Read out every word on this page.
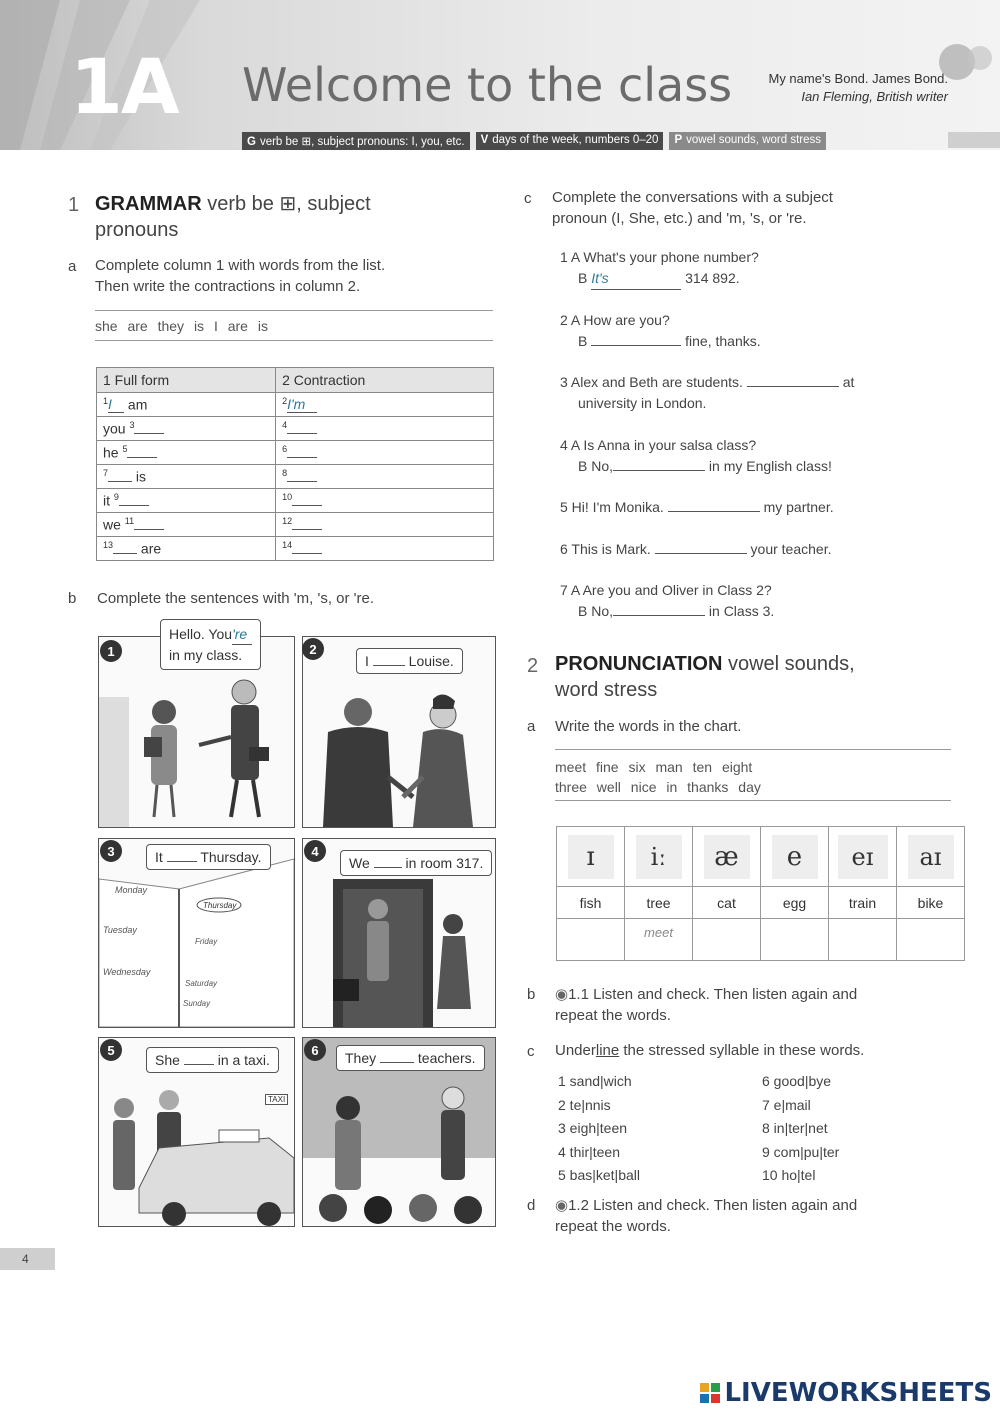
1A Welcome to the class	My name's Bond. James Bond.
Ian Fleming, British writer
G verb be ⊞, subject pronouns: I, you, etc.	V days of the week, numbers 0–20	P vowel sounds, word stress
1 GRAMMAR verb be ⊞, subject
pronouns
a Complete column 1 with words from the list.
Then write the contractions in column 2.
she are they is I are is
1 Full form	2 Contraction
$^1$I am	$^2$I'm
you $^3$	$^4$
he $^5$	$^6$
$^7$ is	$^8$
it $^9$	$^{10}$
we $^{11}$	$^{12}$
$^{13}$ are	$^{14}$
b Complete the sentences with 'm, 's, or 're.
1
Hello. You're
in my class.	2
I	Louise.
Monday
Tuesday
Wednesday
Thursday
Friday
Saturday
Sunday
3	It	Thursday.	4
We	in room 317.
TAXI
5
She	in a taxi.
6	They	teachers.
c Complete the conversations with a subject
pronoun (I, She, etc.) and 'm, 's, or 're.
1 A What's your phone number?
B It's	314 892.
2 A How are you?
B	fine, thanks.
3 Alex and Beth are students.	at
university in London.
4 A Is Anna in your salsa class?
B No,	in my English class!
5 Hi! I'm Monika.	my partner.
6 This is Mark.	your teacher.
7 A Are you and Oliver in Class 2?
B No,	in Class 3.
2 PRONUNCIATION vowel sounds,
word stress
a Write the words in the chart.
meet fine six man ten eight
three well nice in thanks day
ɪ	iː	æ	e	eɪ	aɪ

fish	tree	cat	egg	train	bike
	meet				
b ◉1.1 Listen and check. Then listen again and
repeat the words.
c Underline the stressed syllable in these words.
1 sand|wich
2 te|nnis
3 eigh|teen
4 thir|teen
5 bas|ket|ball
6 good|bye
7 e|mail
8 in|ter|net
9 com|pu|ter
10 ho|tel
d ◉1.2 Listen and check. Then listen again and
repeat the words.
4
LIVEWORKSHEETS
